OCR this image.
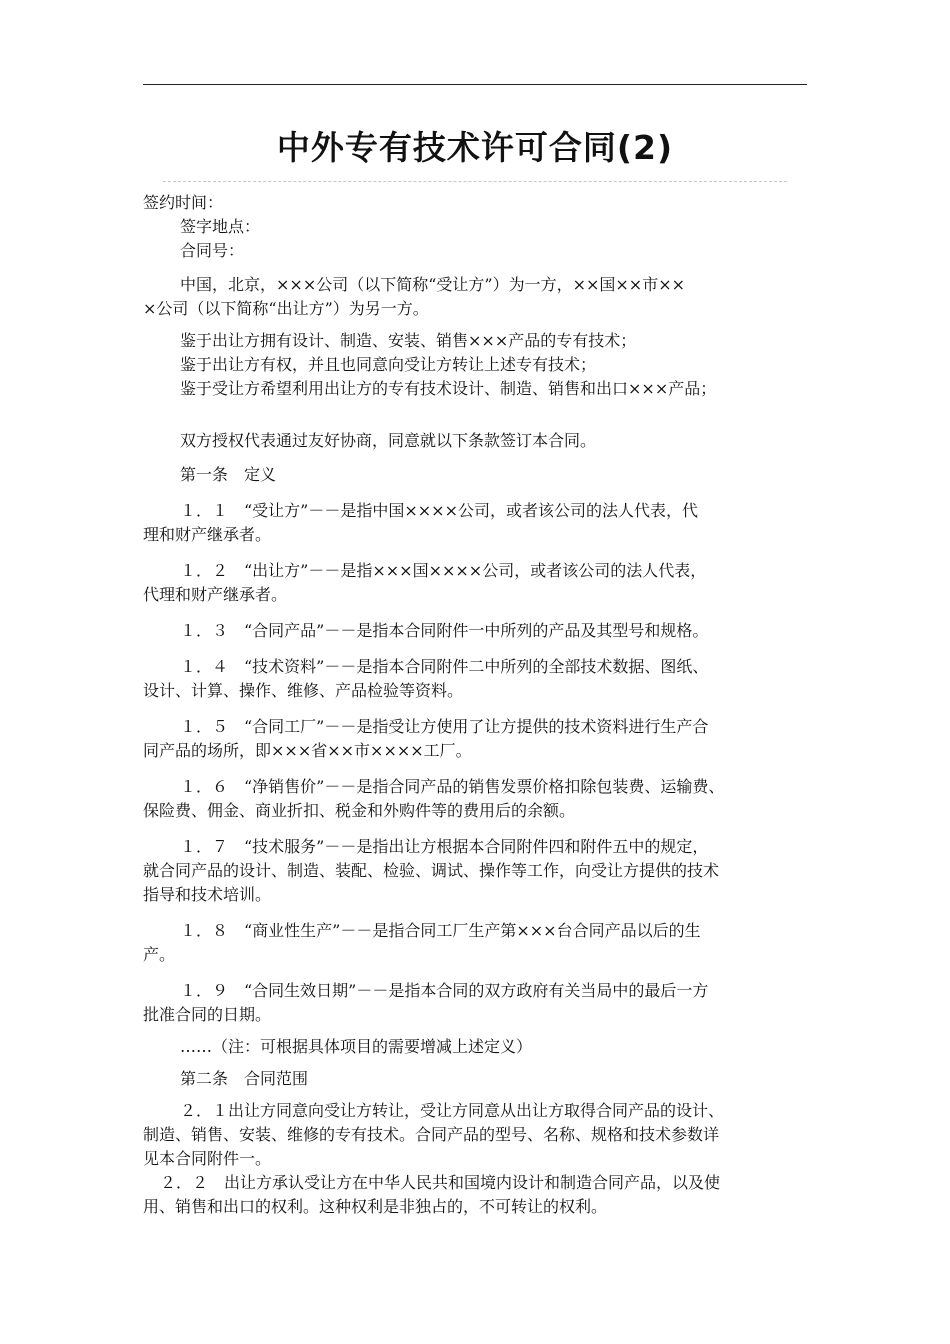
中外专有技术许可合同(2)

签约时间：

签字地点：

合同号：

中国，北京，×××公司（以下简称“受让方”）为一方，××国××市××

×公司（以下简称“出让方”）为另一方。

鉴于出让方拥有设计、制造、安装、销售×××产品的专有技术；

鉴于出让方有权，并且也同意向受让方转让上述专有技术；

鉴于受让方希望利用出让方的专有技术设计、制造、销售和出口×××产品；

双方授权代表通过友好协商，同意就以下条款签订本合同。

第一条　定义

１．１　“受让方”－－是指中国××××公司，或者该公司的法人代表，代

理和财产继承者。

１．２　“出让方”－－是指×××国××××公司，或者该公司的法人代表，

代理和财产继承者。

１．３　“合同产品”－－是指本合同附件一中所列的产品及其型号和规格。

１．４　“技术资料”－－是指本合同附件二中所列的全部技术数据、图纸、

设计、计算、操作、维修、产品检验等资料。

１．５　“合同工厂”－－是指受让方使用了让方提供的技术资料进行生产合

同产品的场所，即×××省××市××××工厂。

１．６　“净销售价”－－是指合同产品的销售发票价格扣除包装费、运输费、

保险费、佣金、商业折扣、税金和外购件等的费用后的余额。

１．７　“技术服务”－－是指出让方根据本合同附件四和附件五中的规定，

就合同产品的设计、制造、装配、检验、调试、操作等工作，向受让方提供的技术

指导和技术培训。

１．８　“商业性生产”－－是指合同工厂生产第×××台合同产品以后的生

产。

１．９　“合同生效日期”－－是指本合同的双方政府有关当局中的最后一方

批准合同的日期。

……（注：可根据具体项目的需要增减上述定义）

第二条　合同范围

２．１出让方同意向受让方转让，受让方同意从出让方取得合同产品的设计、

制造、销售、安装、维修的专有技术。合同产品的型号、名称、规格和技术参数详

见本合同附件一。

２．２　出让方承认受让方在中华人民共和国境内设计和制造合同产品，以及使

用、销售和出口的权利。这种权利是非独占的，不可转让的权利。
